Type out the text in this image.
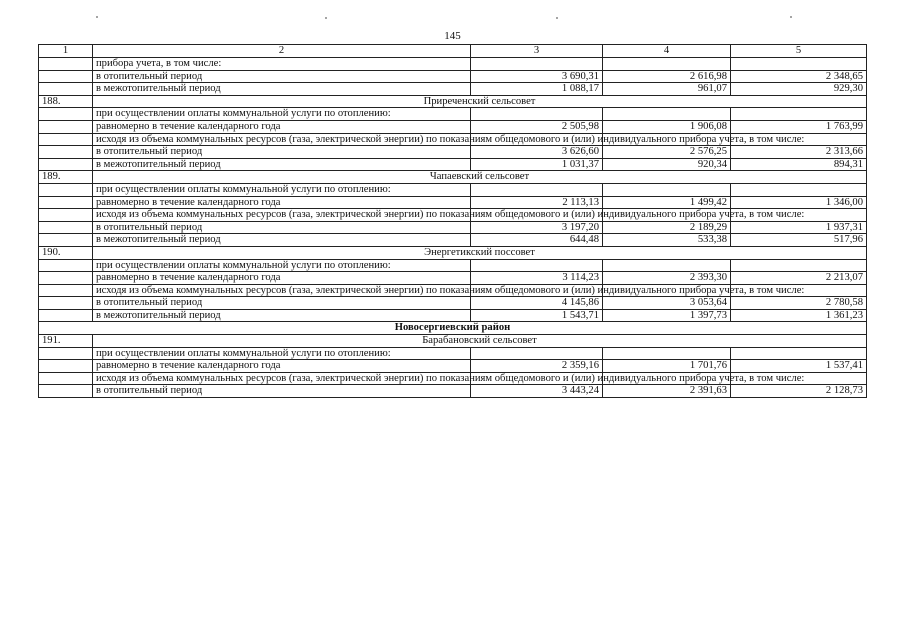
145
1	2	3	4	5
	прибора учета, в том числе:			
	в отопительный период	3 690,31	2 616,98	2 348,65
	в межотопительный период	1 088,17	961,07	929,30
188.	Приреченский сельсовет			
	при осуществлении оплаты коммунальной услуги по отоплению:			
	равномерно в течение календарного года	2 505,98	1 906,08	1 763,99
	исходя из объема коммунальных ресурсов (газа, электрической энергии) по показаниям общедомового и (или) индивидуального прибора учета, в том числе:			
	в отопительный период	3 626,60	2 576,25	2 313,66
	в межотопительный период	1 031,37	920,34	894,31
189.	Чапаевский сельсовет			
	при осуществлении оплаты коммунальной услуги по отоплению:			
	равномерно в течение календарного года	2 113,13	1 499,42	1 346,00
	исходя из объема коммунальных ресурсов (газа, электрической энергии) по показаниям общедомового и (или) индивидуального прибора учета, в том числе:			
	в отопительный период	3 197,20	2 189,29	1 937,31
	в межотопительный период	644,48	533,38	517,96
190.	Энергетикский поссовет			
	при осуществлении оплаты коммунальной услуги по отоплению:			
	равномерно в течение календарного года	3 114,23	2 393,30	2 213,07
	исходя из объема коммунальных ресурсов (газа, электрической энергии) по показаниям общедомового и (или) индивидуального прибора учета, в том числе:			
	в отопительный период	4 145,86	3 053,64	2 780,58
	в межотопительный период	1 543,71	1 397,73	1 361,23
Новосергиевский район				
191.	Барабановский сельсовет			
	при осуществлении оплаты коммунальной услуги по отоплению:			
	равномерно в течение календарного года	2 359,16	1 701,76	1 537,41
	исходя из объема коммунальных ресурсов (газа, электрической энергии) по показаниям общедомового и (или) индивидуального прибора учета, в том числе:			
	в отопительный период	3 443,24	2 391,63	2 128,73
